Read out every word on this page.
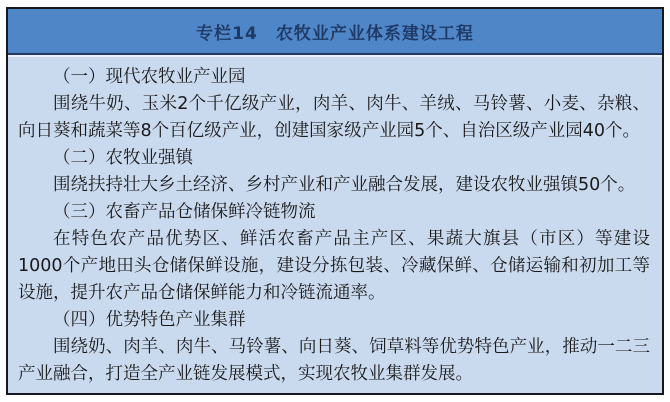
专栏14　农牧业产业体系建设工程

（一）现代农牧业产业园

围绕牛奶、玉米2个千亿级产业，肉羊、肉牛、羊绒、马铃薯、小麦、杂粮、向日葵和蔬菜等8个百亿级产业，创建国家级产业园5个、自治区级产业园40个。

（二）农牧业强镇

围绕扶持壮大乡土经济、乡村产业和产业融合发展，建设农牧业强镇50个。

（三）农畜产品仓储保鲜冷链物流

在特色农产品优势区、鲜活农畜产品主产区、果蔬大旗县（市区）等建设1000个产地田头仓储保鲜设施，建设分拣包装、冷藏保鲜、仓储运输和初加工等设施，提升农产品仓储保鲜能力和冷链流通率。

（四）优势特色产业集群

围绕奶、肉羊、肉牛、马铃薯、向日葵、饲草料等优势特色产业，推动一二三产业融合，打造全产业链发展模式，实现农牧业集群发展。
